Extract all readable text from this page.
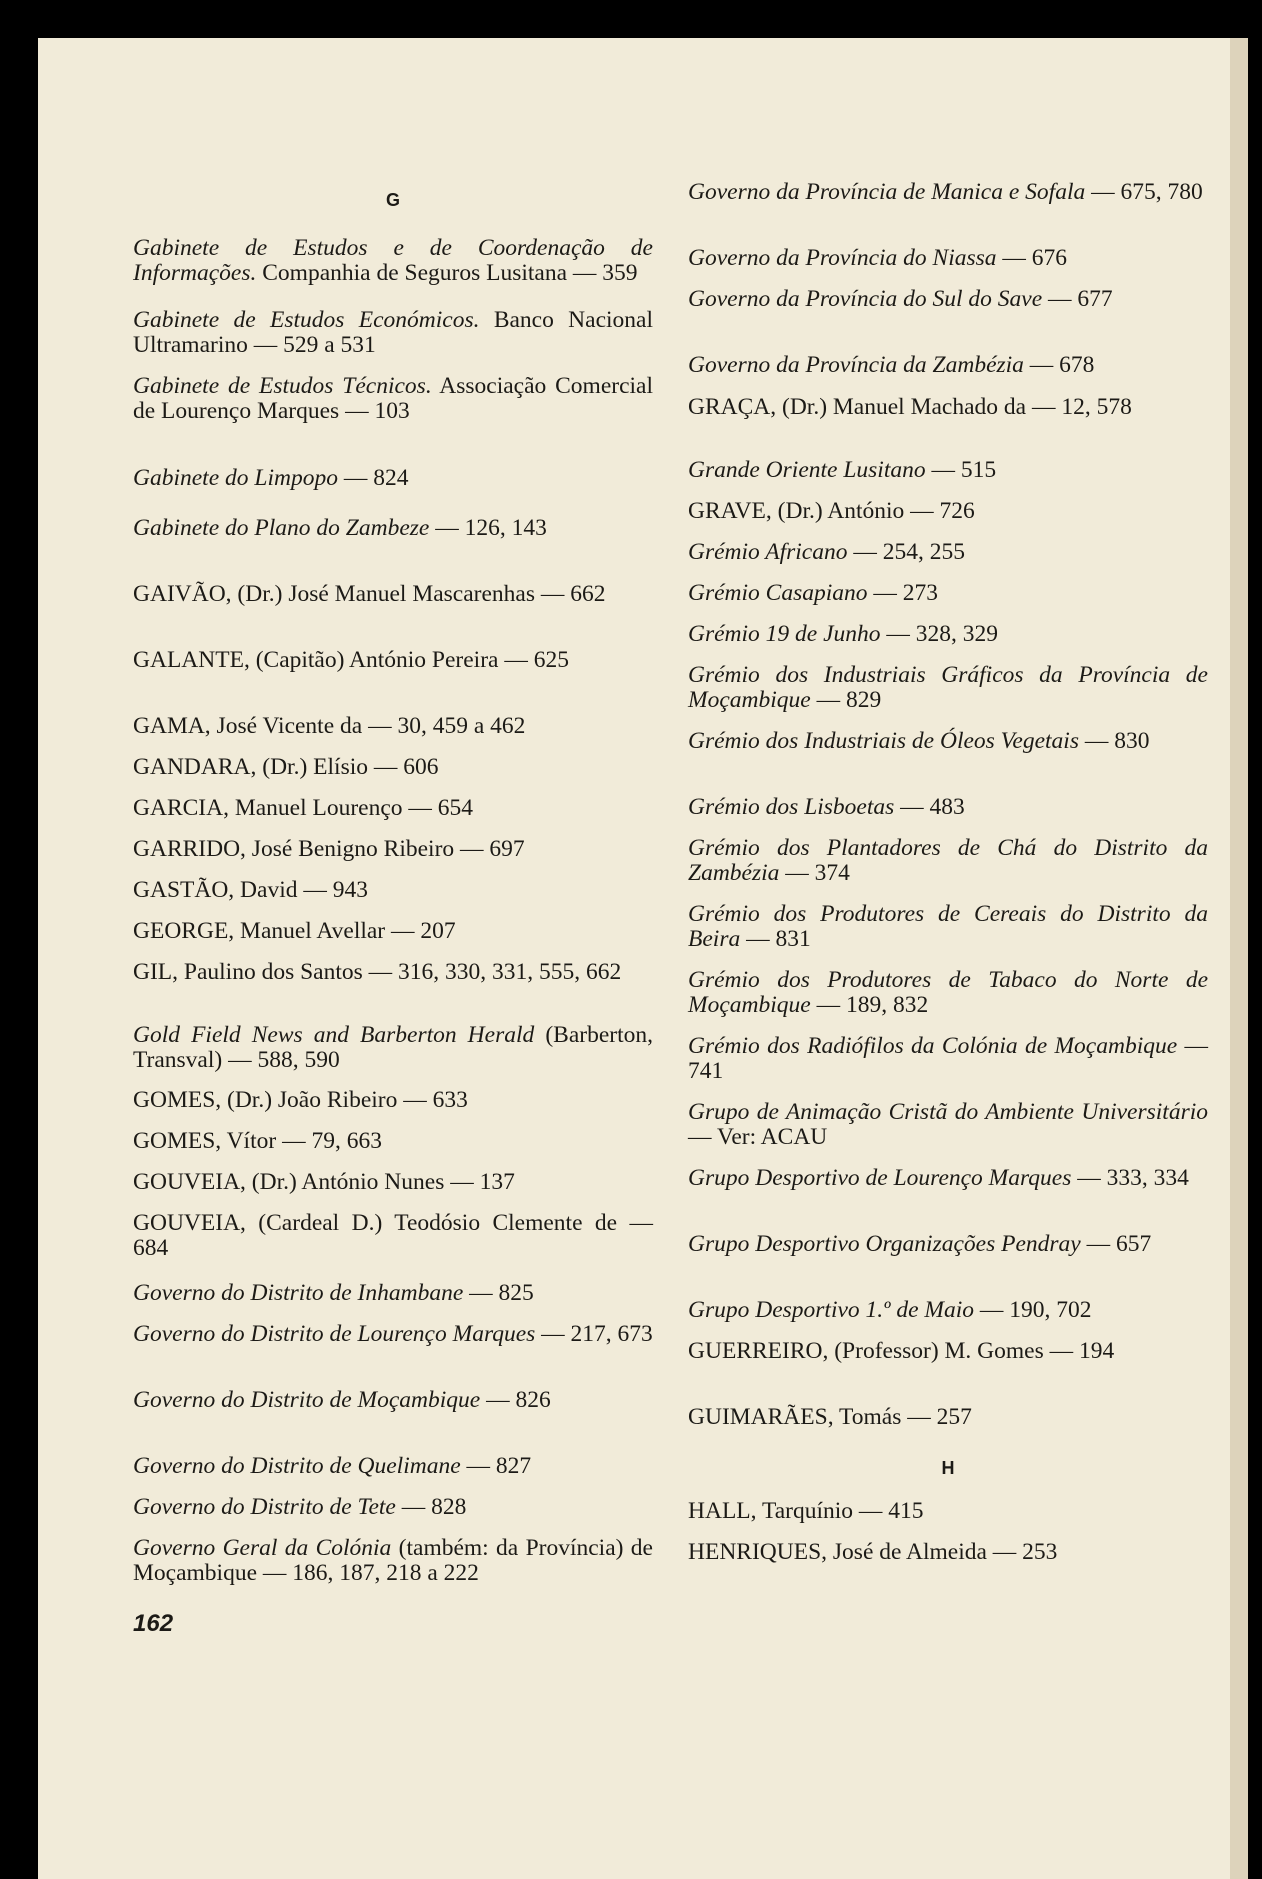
G
Gabinete de Estudos e de Coordenação de Informações. Companhia de Seguros Lusitana — 359
Gabinete de Estudos Económicos. Banco Nacional Ultramarino — 529 a 531
Gabinete de Estudos Técnicos. Associação Comercial de Lourenço Marques — 103
Gabinete do Limpopo — 824
Gabinete do Plano do Zambeze — 126, 143
GAIVÃO, (Dr.) José Manuel Mascarenhas — 662
GALANTE, (Capitão) António Pereira — 625
GAMA, José Vicente da — 30, 459 a 462
GANDARA, (Dr.) Elísio — 606
GARCIA, Manuel Lourenço — 654
GARRIDO, José Benigno Ribeiro — 697
GASTÃO, David — 943
GEORGE, Manuel Avellar — 207
GIL, Paulino dos Santos — 316, 330, 331, 555, 662
Gold Field News and Barberton Herald (Barberton, Transval) — 588, 590
GOMES, (Dr.) João Ribeiro — 633
GOMES, Vítor — 79, 663
GOUVEIA, (Dr.) António Nunes — 137
GOUVEIA, (Cardeal D.) Teodósio Clemente de — 684
Governo do Distrito de Inhambane — 825
Governo do Distrito de Lourenço Marques — 217, 673
Governo do Distrito de Moçambique — 826
Governo do Distrito de Quelimane — 827
Governo do Distrito de Tete — 828
Governo Geral da Colónia (também: da Província) de Moçambique — 186, 187, 218 a 222
Governo da Província de Manica e Sofala — 675, 780
Governo da Província do Niassa — 676
Governo da Província do Sul do Save — 677
Governo da Província da Zambézia — 678
GRAÇA, (Dr.) Manuel Machado da — 12, 578
Grande Oriente Lusitano — 515
GRAVE, (Dr.) António — 726
Grémio Africano — 254, 255
Grémio Casapiano — 273
Grémio 19 de Junho — 328, 329
Grémio dos Industriais Gráficos da Província de Moçambique — 829
Grémio dos Industriais de Óleos Vegetais — 830
Grémio dos Lisboetas — 483
Grémio dos Plantadores de Chá do Distrito da Zambézia — 374
Grémio dos Produtores de Cereais do Distrito da Beira — 831
Grémio dos Produtores de Tabaco do Norte de Moçambique — 189, 832
Grémio dos Radiófilos da Colónia de Moçambique — 741
Grupo de Animação Cristã do Ambiente Universitário — Ver: ACAU
Grupo Desportivo de Lourenço Marques — 333, 334
Grupo Desportivo Organizações Pendray — 657
Grupo Desportivo 1.º de Maio — 190, 702
GUERREIRO, (Professor) M. Gomes — 194
GUIMARÃES, Tomás — 257
H
HALL, Tarquínio — 415
HENRIQUES, José de Almeida — 253
162
